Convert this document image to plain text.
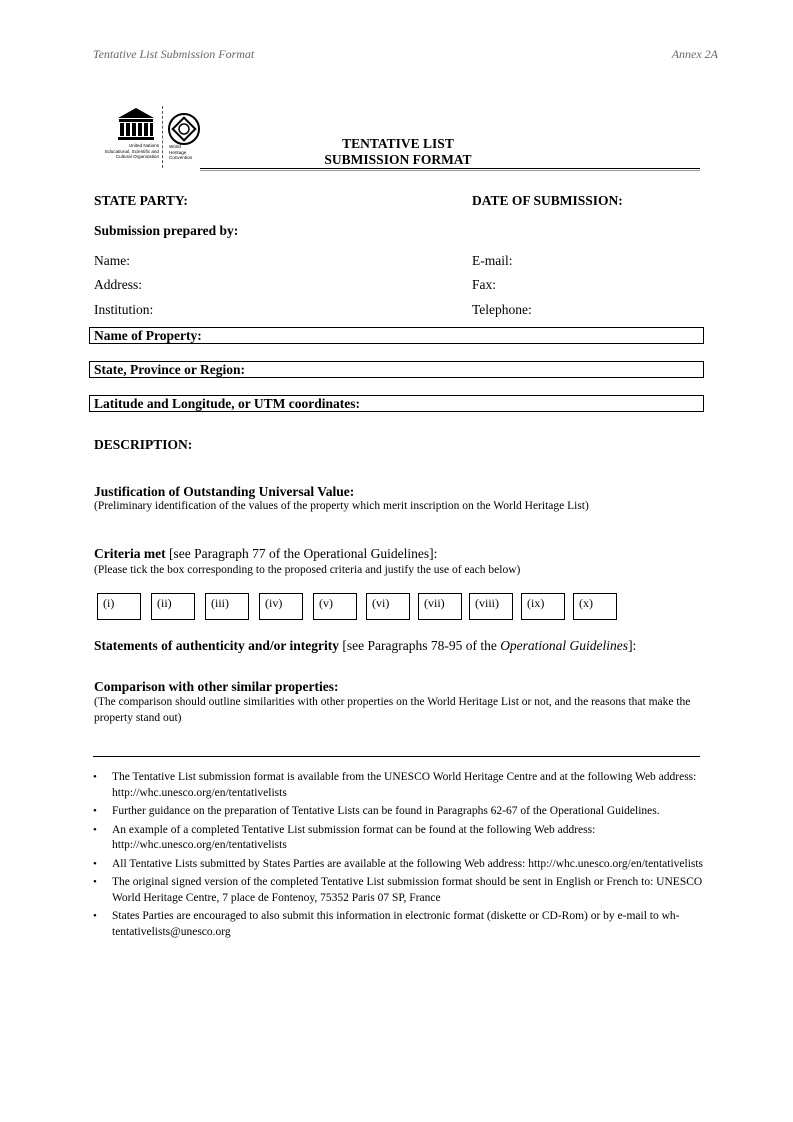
Tentative List Submission Format	Annex 2A
United Nations
Educational, Scientific and
Cultural Organization
World
Heritage
Convention
TENTATIVE LIST
SUBMISSION FORMAT
STATE PARTY:	DATE OF SUBMISSION:
Submission prepared by:
Name:	E-mail:
Address:	Fax:
Institution:	Telephone:
Name of Property:
State, Province or Region:
Latitude and Longitude, or UTM coordinates:
DESCRIPTION:
Justification of Outstanding Universal Value:
(Preliminary identification of the values of the property which merit inscription on the World Heritage List)
Criteria met [see Paragraph 77 of the Operational Guidelines]:
(Please tick the box corresponding to the proposed criteria and justify the use of each below)
(i)	(ii)	(iii)	(iv)	(v)	(vi)	(vii)	(viii)	(ix)	(x)
Statements of authenticity and/or integrity [see Paragraphs 78-95 of the Operational Guidelines]:
Comparison with other similar properties:
(The comparison should outline similarities with other properties on the World Heritage List or not, and the reasons that make the property stand out)
• The Tentative List submission format is available from the UNESCO World Heritage Centre and at the following Web address: http://whc.unesco.org/en/tentativelists
• Further guidance on the preparation of Tentative Lists can be found in Paragraphs 62-67 of the Operational Guidelines.
• An example of a completed Tentative List submission format can be found at the following Web address: http://whc.unesco.org/en/tentativelists
• All Tentative Lists submitted by States Parties are available at the following Web address: http://whc.unesco.org/en/tentativelists
• The original signed version of the completed Tentative List submission format should be sent in English or French to: UNESCO World Heritage Centre, 7 place de Fontenoy, 75352 Paris 07 SP, France
• States Parties are encouraged to also submit this information in electronic format (diskette or CD-Rom) or by e-mail to wh-tentativelists@unesco.org
